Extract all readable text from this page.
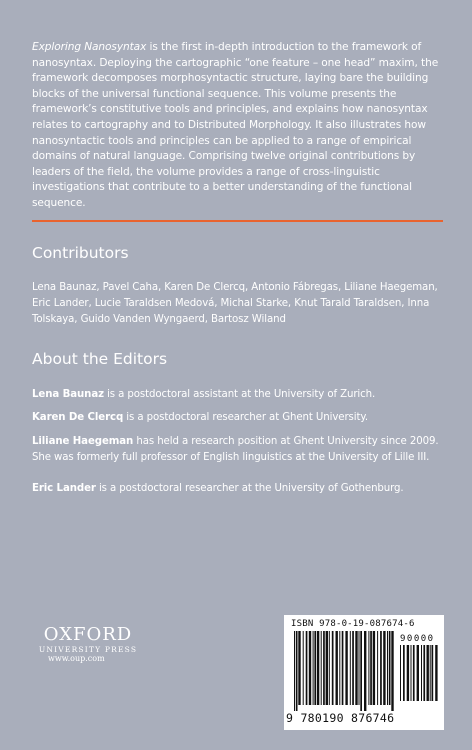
Exploring Nanosyntax is the first in-depth introduction to the framework of nanosyntax. Deploying the cartographic “one feature – one head” maxim, the framework decomposes morphosyntactic structure, laying bare the building blocks of the universal functional sequence. This volume presents the framework’s constitutive tools and principles, and explains how nanosyntax relates to cartography and to Distributed Morphology. It also illustrates how nanosyntactic tools and principles can be applied to a range of empirical domains of natural language. Comprising twelve original contributions by leaders of the field, the volume provides a range of cross-linguistic investigations that contribute to a better understanding of the functional sequence.

Contributors

Lena Baunaz, Pavel Caha, Karen De Clercq, Antonio Fábregas, Liliane Haegeman, Eric Lander, Lucie Taraldsen Medová, Michal Starke, Knut Tarald Taraldsen, Inna Tolskaya, Guido Vanden Wyngaerd, Bartosz Wiland

About the Editors

Lena Baunaz is a postdoctoral assistant at the University of Zurich.

Karen De Clercq is a postdoctoral researcher at Ghent University.

Liliane Haegeman has held a research position at Ghent University since 2009. She was formerly full professor of English linguistics at the University of Lille III.

Eric Lander is a postdoctoral researcher at the University of Gothenburg.

OXFORD
UNIVERSITY PRESS
www.oup.com
ISBN 978-0-19-087674-6
90000
9 780190 876746
